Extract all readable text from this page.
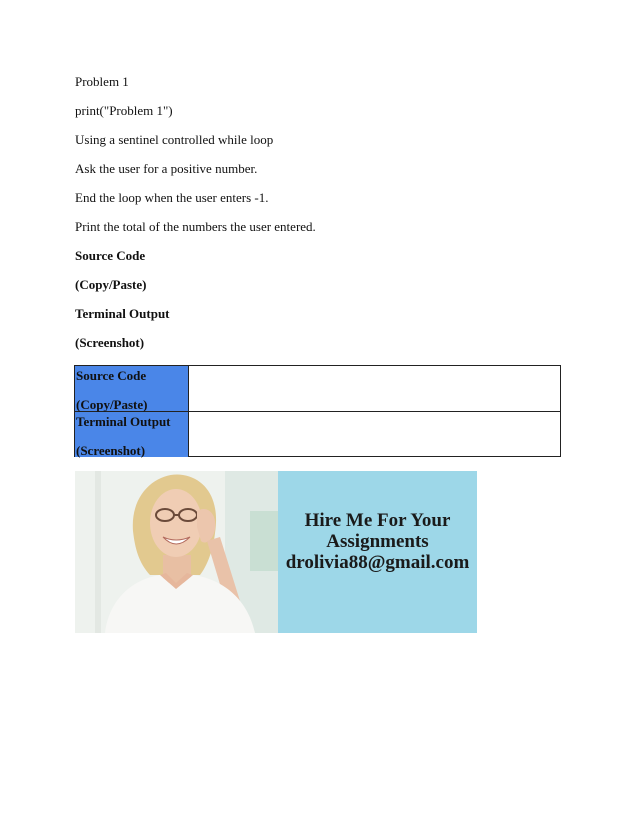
Problem 1
print("Problem 1")
Using a sentinel controlled while loop
Ask the user for a positive number.
End the loop when the user enters -1.
Print the total of the numbers the user entered.
Source Code
(Copy/Paste)
Terminal Output
(Screenshot)
Source Code
(Copy/Paste)
Terminal Output
(Screenshot)
Hire Me For Your
Assignments
drolivia88@gmail.com
